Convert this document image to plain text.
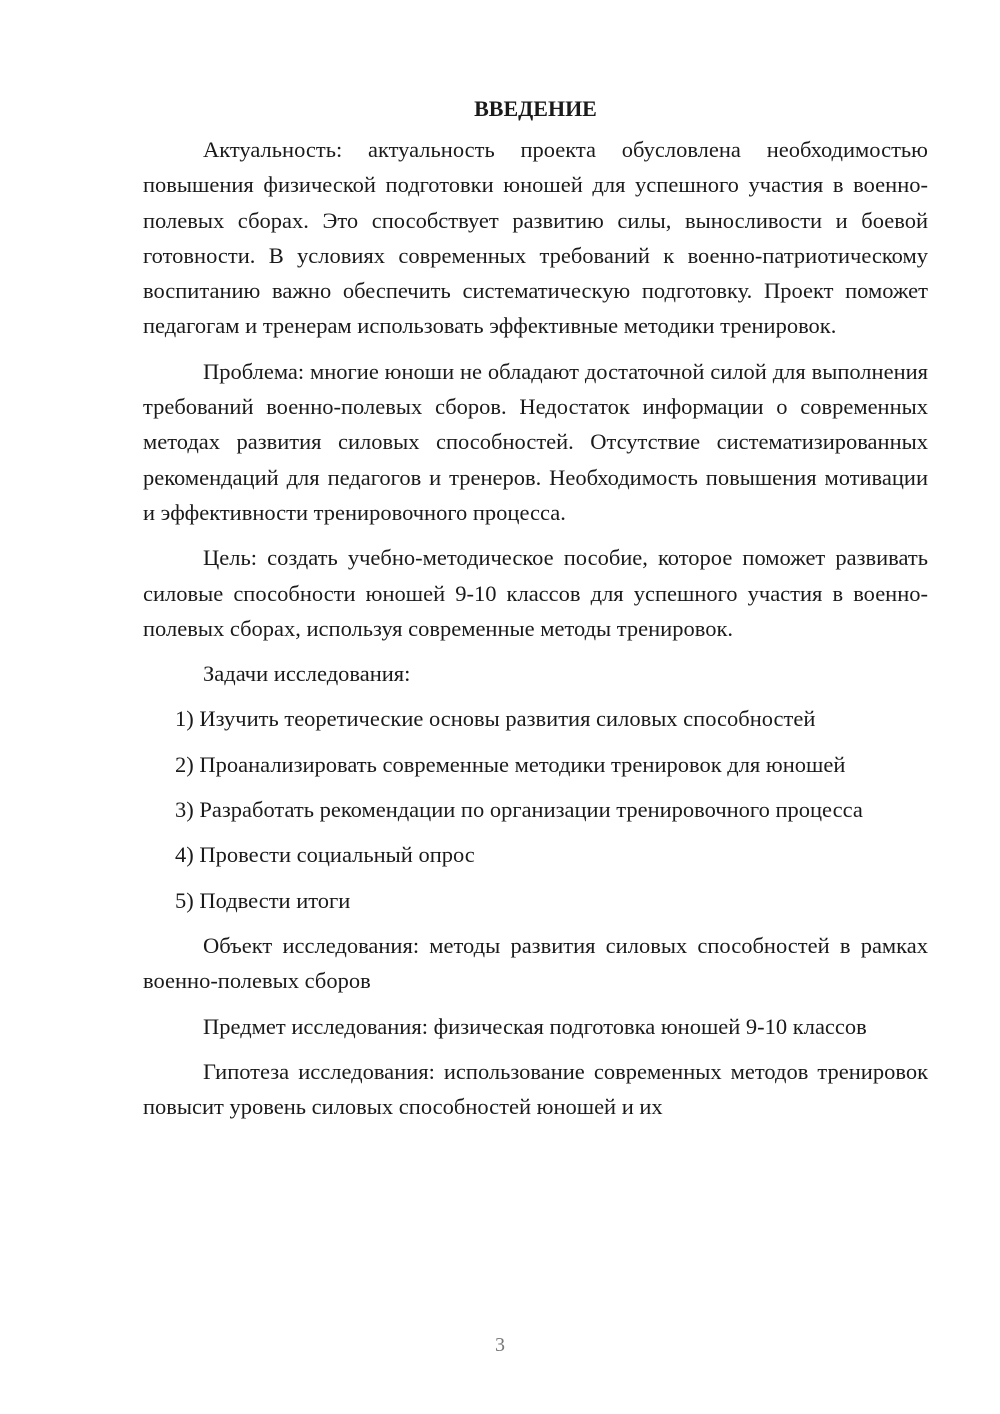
ВВЕДЕНИЕ

Актуальность: актуальность проекта обусловлена необходимостью повышения физической подготовки юношей для успешного участия в военно-полевых сборах. Это способствует развитию силы, выносливости и боевой готовности. В условиях современных требований к военно-патриотическому воспитанию важно обеспечить систематическую подготовку. Проект поможет педагогам и тренерам использовать эффективные методики тренировок.

Проблема: многие юноши не обладают достаточной силой для выполнения требований военно-полевых сборов. Недостаток информации о современных методах развития силовых способностей. Отсутствие систематизированных рекомендаций для педагогов и тренеров. Необходимость повышения мотивации и эффективности тренировочного процесса.

Цель: создать учебно-методическое пособие, которое поможет развивать силовые способности юношей 9-10 классов для успешного участия в военно-полевых сборах, используя современные методы тренировок.

Задачи исследования:

1) Изучить теоретические основы развития силовых способностей

2) Проанализировать современные методики тренировок для юношей

3) Разработать рекомендации по организации тренировочного процесса

4) Провести социальный опрос

5) Подвести итоги

Объект исследования: методы развития силовых способностей в рамках военно-полевых сборов

Предмет исследования: физическая подготовка юношей 9-10 классов

Гипотеза исследования: использование современных методов тренировок повысит уровень силовых способностей юношей и их

3
